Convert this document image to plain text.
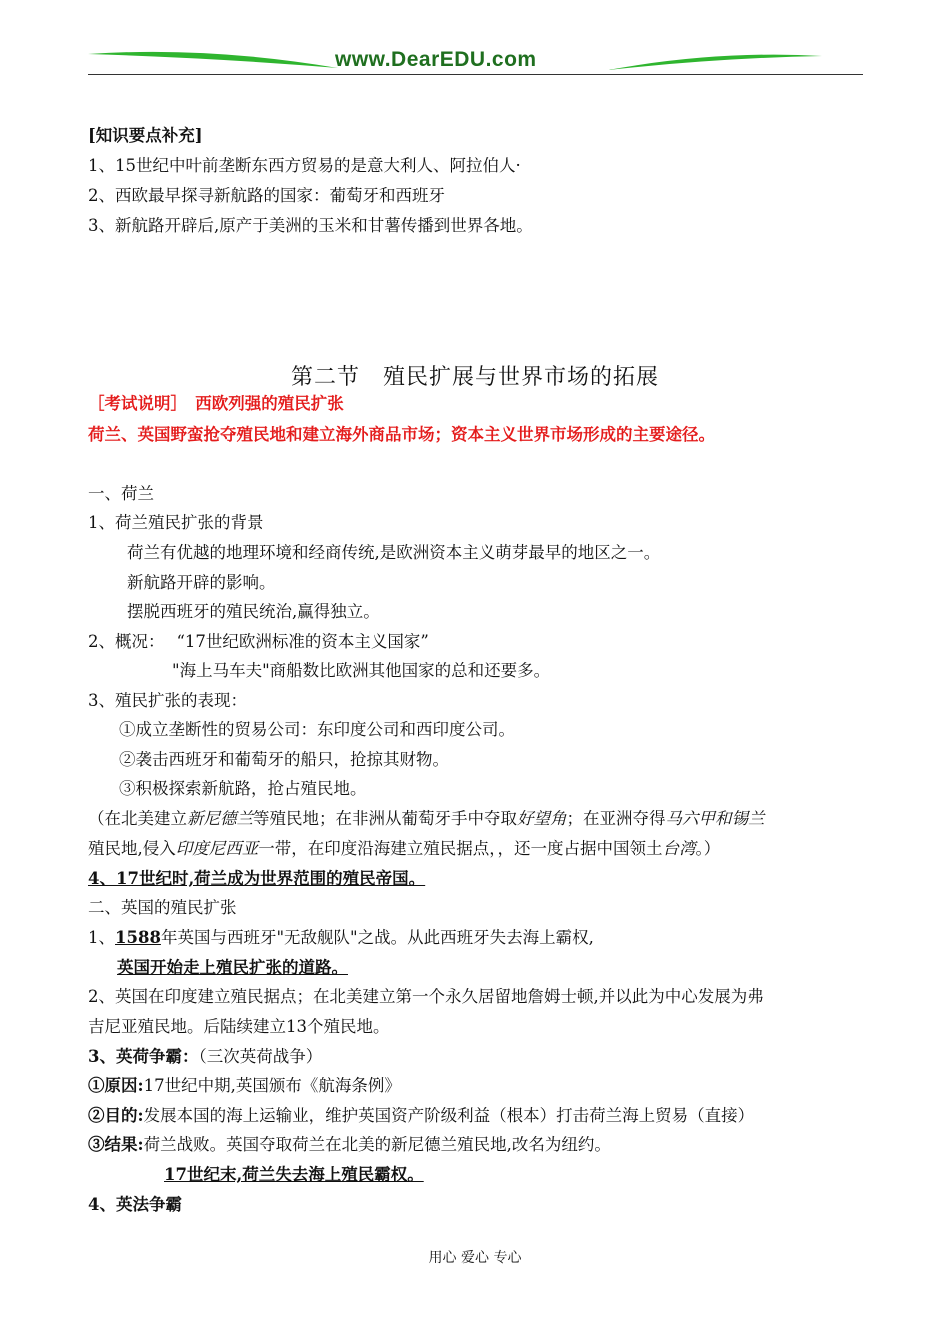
www.DearEDU.com
[知识要点补充]
1、15世纪中叶前垄断东西方贸易的是意大利人、阿拉伯人·
2、西欧最早探寻新航路的国家：葡萄牙和西班牙
3、新航路开辟后,原产于美洲的玉米和甘薯传播到世界各地。
第二节　殖民扩展与世界市场的拓展
［考试说明］　西欧列强的殖民扩张
荷兰、英国野蛮抢夺殖民地和建立海外商品市场；资本主义世界市场形成的主要途径。
一、荷兰
1、荷兰殖民扩张的背景
荷兰有优越的地理环境和经商传统,是欧洲资本主义萌芽最早的地区之一。
新航路开辟的影响。
摆脱西班牙的殖民统治,赢得独立。
2、概况： “17世纪欧洲标准的资本主义国家”
"海上马车夫"商船数比欧洲其他国家的总和还要多。
3、殖民扩张的表现：
①成立垄断性的贸易公司：东印度公司和西印度公司。
②袭击西班牙和葡萄牙的船只，抢掠其财物。
③积极探索新航路，抢占殖民地。
（在北美建立新尼德兰等殖民地；在非洲从葡萄牙手中夺取好望角；在亚洲夺得马六甲和锡兰
殖民地,侵入印度尼西亚一带，在印度沿海建立殖民据点，，还一度占据中国领土台湾。）
4、17世纪时,荷兰成为世界范围的殖民帝国。
二、英国的殖民扩张
1、1588年英国与西班牙"无敌舰队"之战。从此西班牙失去海上霸权,
英国开始走上殖民扩张的道路。
2、英国在印度建立殖民据点；在北美建立第一个永久居留地詹姆士顿,并以此为中心发展为弗
吉尼亚殖民地。后陆续建立13个殖民地。
3、英荷争霸：（三次英荷战争）
①原因:17世纪中期,英国颁布《航海条例》
②目的:发展本国的海上运输业，维护英国资产阶级利益（根本）打击荷兰海上贸易（直接）
③结果:荷兰战败。英国夺取荷兰在北美的新尼德兰殖民地,改名为纽约。
17世纪末,荷兰失去海上殖民霸权。
4、英法争霸
用心 爱心 专心
